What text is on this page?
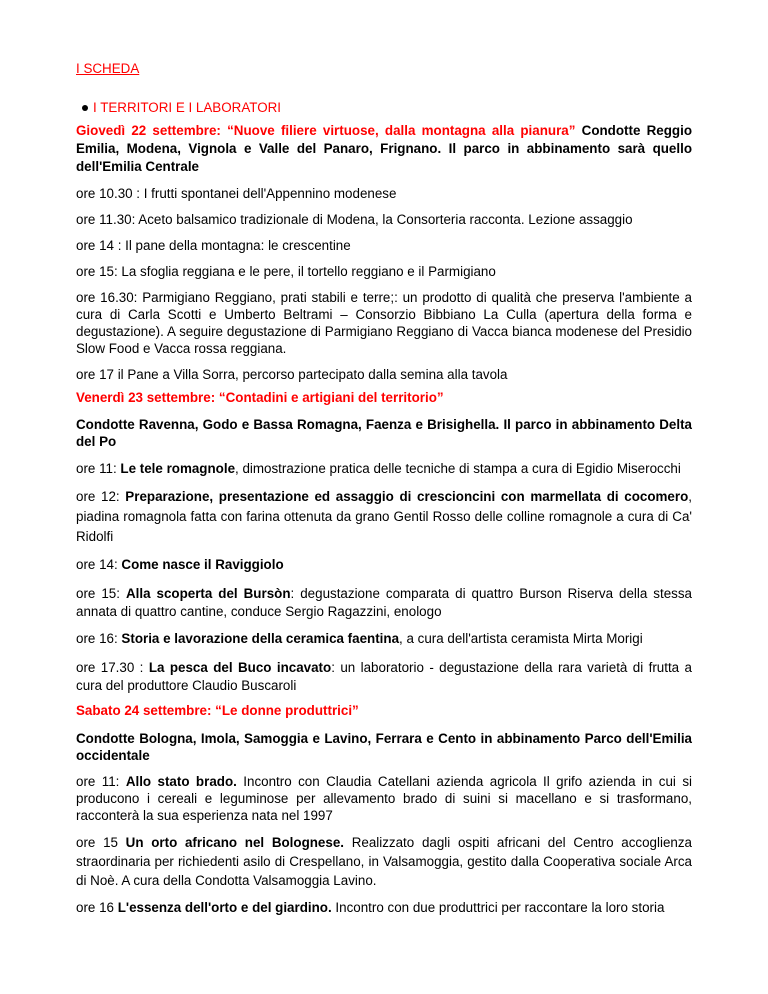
I SCHEDA
I TERRITORI E I LABORATORI

Giovedì 22 settembre: “Nuove filiere virtuose, dalla montagna alla pianura” Condotte Reggio Emilia, Modena, Vignola e Valle del Panaro, Frignano. Il parco in abbinamento sarà quello dell'Emilia Centrale

ore 10.30 : I frutti spontanei dell'Appennino modenese

ore 11.30: Aceto balsamico tradizionale di Modena, la Consorteria racconta. Lezione assaggio

ore 14 : Il pane della montagna: le crescentine

ore 15: La sfoglia reggiana e le pere, il tortello reggiano e il Parmigiano

ore 16.30: Parmigiano Reggiano, prati stabili e terre;: un prodotto di qualità che preserva l'ambiente a cura di Carla Scotti e Umberto Beltrami – Consorzio Bibbiano La Culla (apertura della forma e degustazione). A seguire degustazione di Parmigiano Reggiano di Vacca bianca modenese del Presidio Slow Food e Vacca rossa reggiana.

ore 17 il Pane a Villa Sorra, percorso partecipato dalla semina alla tavola

Venerdì 23 settembre: “Contadini e artigiani del territorio”

Condotte Ravenna, Godo e Bassa Romagna, Faenza e Brisighella. Il parco in abbinamento Delta del Po

ore 11: Le tele romagnole, dimostrazione pratica delle tecniche di stampa a cura di Egidio Miserocchi

ore 12: Preparazione, presentazione ed assaggio di crescioncini con marmellata di cocomero, piadina romagnola fatta con farina ottenuta da grano Gentil Rosso delle colline romagnole a cura di Ca' Ridolfi

ore 14: Come nasce il Raviggiolo

ore 15: Alla scoperta del Bursòn: degustazione comparata di quattro Burson Riserva della stessa annata di quattro cantine, conduce Sergio Ragazzini, enologo

ore 16: Storia e lavorazione della ceramica faentina, a cura dell'artista ceramista Mirta Morigi

ore 17.30 : La pesca del Buco incavato: un laboratorio - degustazione della rara varietà di frutta a cura del produttore Claudio Buscaroli

Sabato 24 settembre: “Le donne produttrici”

Condotte Bologna, Imola, Samoggia e Lavino, Ferrara e Cento in abbinamento Parco dell'Emilia occidentale

ore 11: Allo stato brado. Incontro con Claudia Catellani azienda agricola Il grifo azienda in cui si producono i cereali e leguminose per allevamento brado di suini si macellano e si trasformano, racconterà la sua esperienza nata nel 1997

ore 15 Un orto africano nel Bolognese. Realizzato dagli ospiti africani del Centro accoglienza straordinaria per richiedenti asilo di Crespellano, in Valsamoggia, gestito dalla Cooperativa sociale Arca di Noè. A cura della Condotta Valsamoggia Lavino.

ore 16 L'essenza dell'orto e del giardino. Incontro con due produttrici per raccontare la loro storia
